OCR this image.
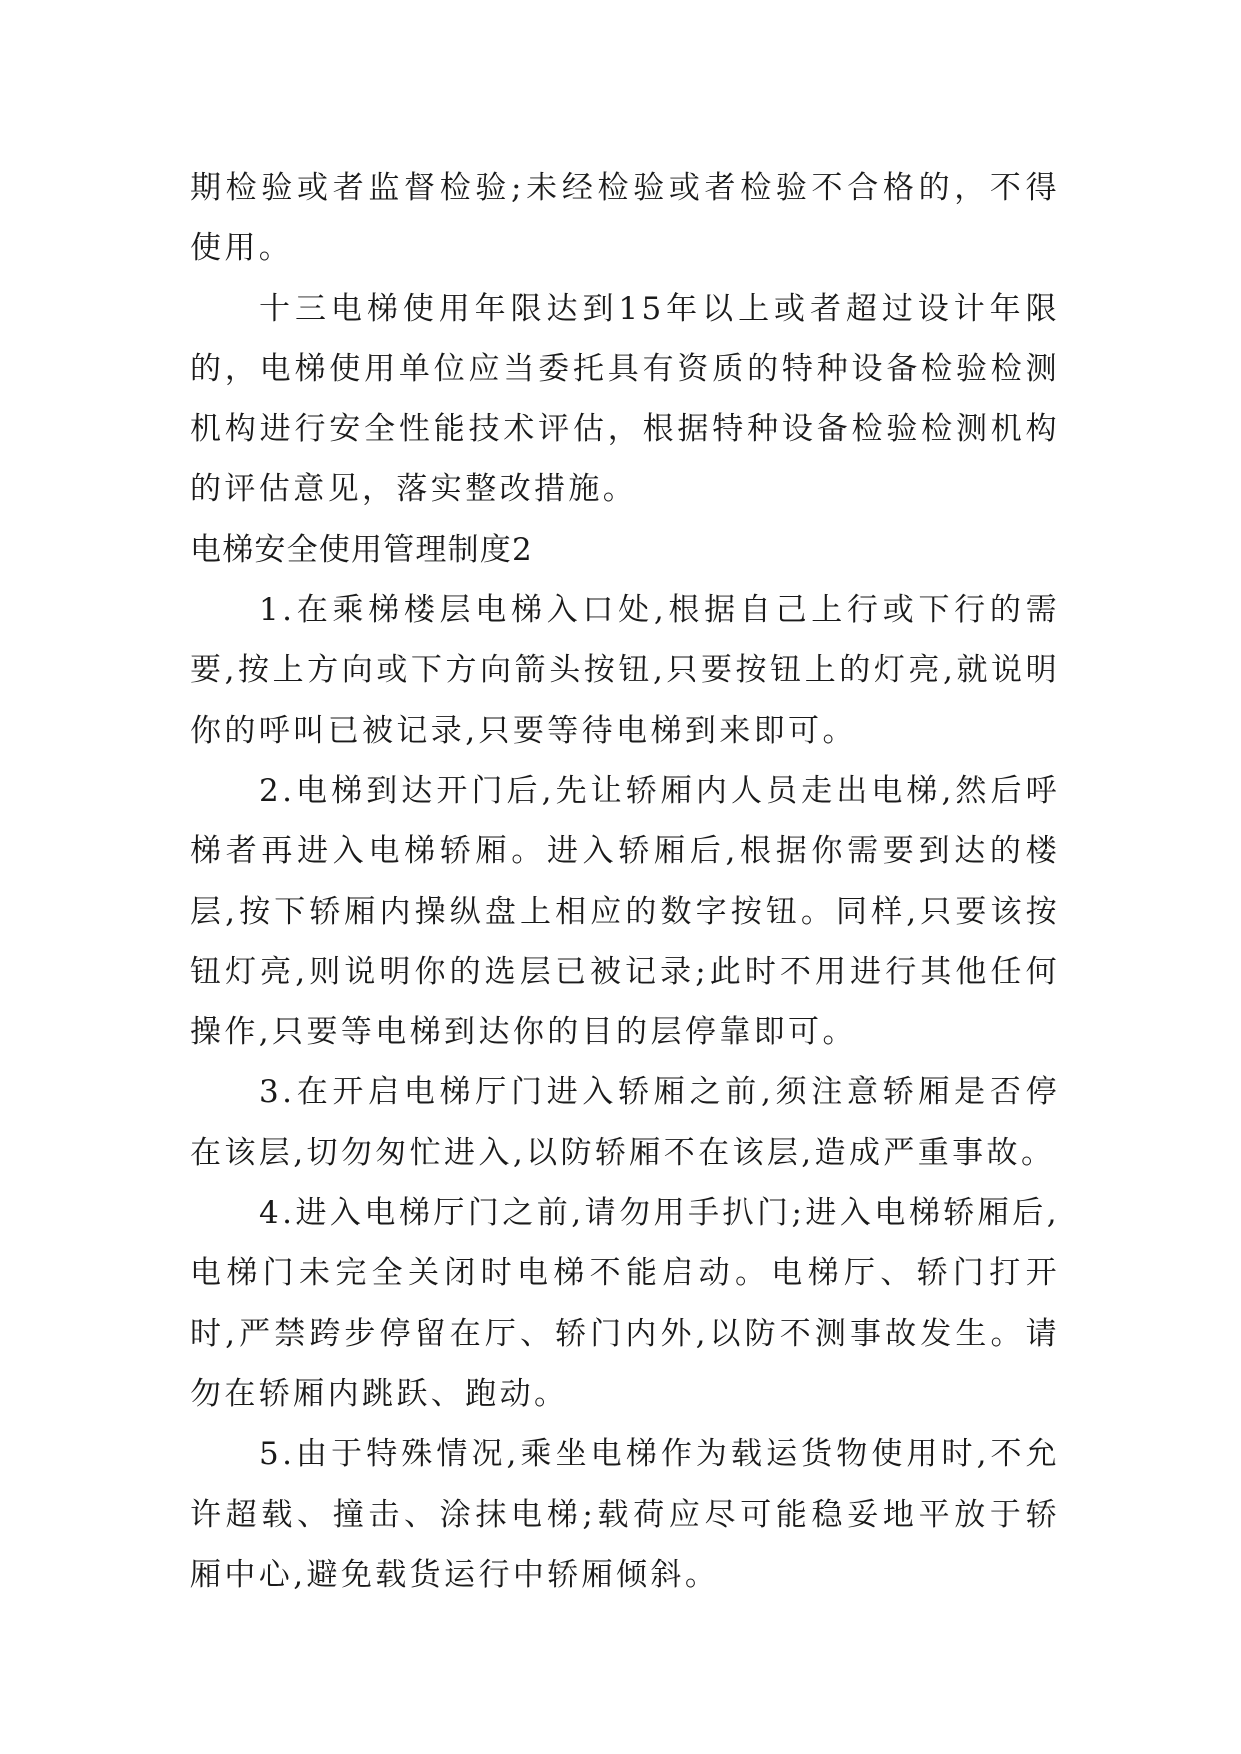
期检验或者监督检验;未经检验或者检验不合格的，不得使用。

十三电梯使用年限达到15年以上或者超过设计年限的，电梯使用单位应当委托具有资质的特种设备检验检测机构进行安全性能技术评估，根据特种设备检验检测机构的评估意见，落实整改措施。

电梯安全使用管理制度2

1.在乘梯楼层电梯入口处,根据自己上行或下行的需要,按上方向或下方向箭头按钮,只要按钮上的灯亮,就说明你的呼叫已被记录,只要等待电梯到来即可。

2.电梯到达开门后,先让轿厢内人员走出电梯,然后呼梯者再进入电梯轿厢。进入轿厢后,根据你需要到达的楼层,按下轿厢内操纵盘上相应的数字按钮。同样,只要该按钮灯亮,则说明你的选层已被记录;此时不用进行其他任何操作,只要等电梯到达你的目的层停靠即可。

3.在开启电梯厅门进入轿厢之前,须注意轿厢是否停在该层,切勿匆忙进入,以防轿厢不在该层,造成严重事故。

4.进入电梯厅门之前,请勿用手扒门;进入电梯轿厢后,电梯门未完全关闭时电梯不能启动。电梯厅、轿门打开时,严禁跨步停留在厅、轿门内外,以防不测事故发生。请勿在轿厢内跳跃、跑动。

5.由于特殊情况,乘坐电梯作为载运货物使用时,不允许超载、撞击、涂抹电梯;载荷应尽可能稳妥地平放于轿厢中心,避免载货运行中轿厢倾斜。
